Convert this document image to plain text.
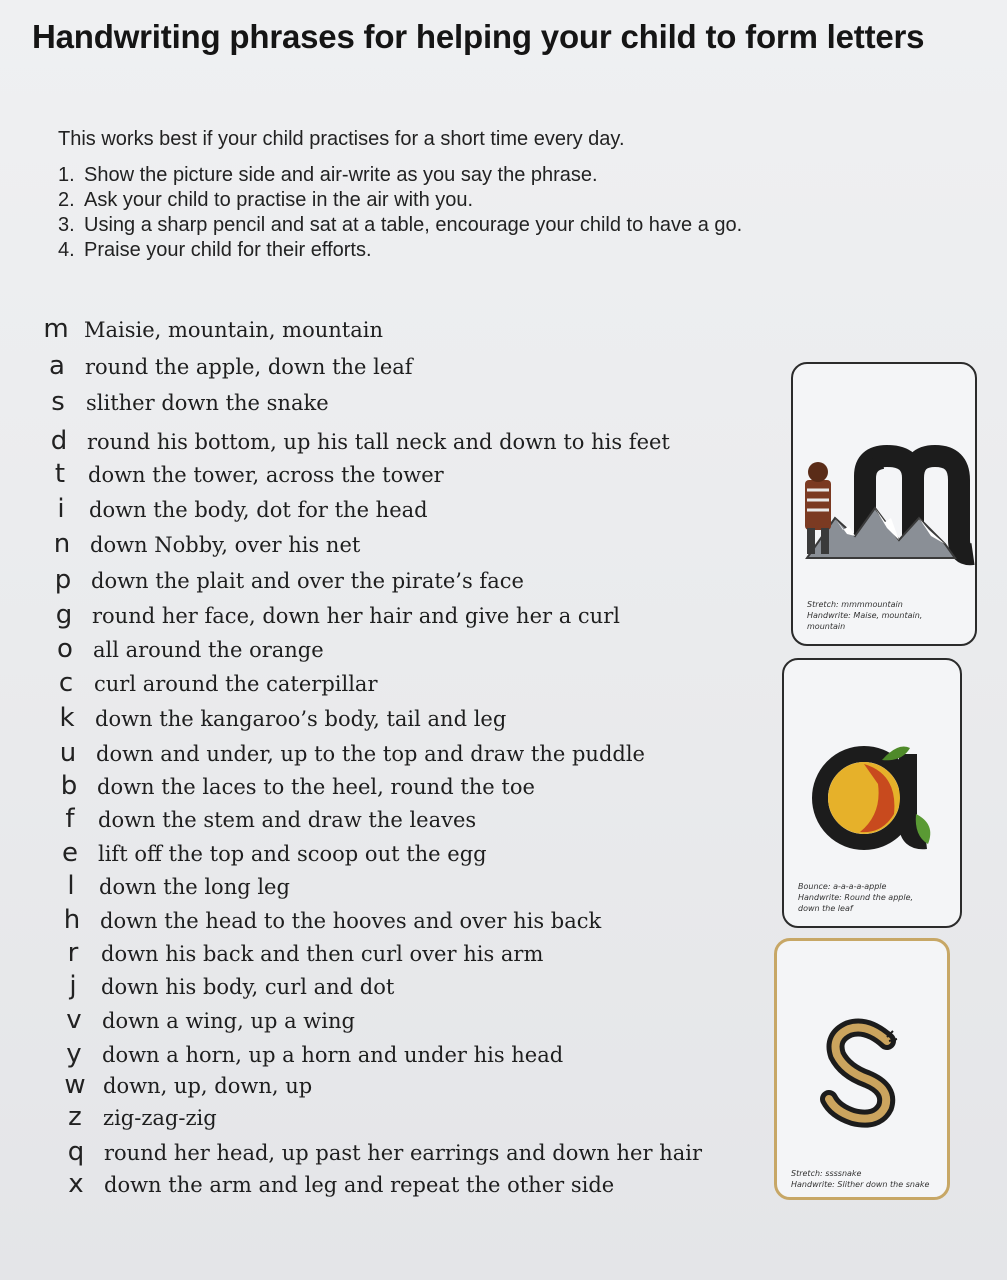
Handwriting phrases for helping your child to form letters
This works best if your child practises for a short time every day.
1. Show the picture side and air-write as you say the phrase.
2. Ask your child to practise in the air with you.
3. Using a sharp pencil and sat at a table, encourage your child to have a go.
4. Praise your child for their efforts.
m Maisie, mountain, mountain
a round the apple, down the leaf
s slither down the snake
d round his bottom, up his tall neck and down to his feet
t down the tower, across the tower
i down the body, dot for the head
n down Nobby, over his net
p down the plait and over the pirate’s face
g round her face, down her hair and give her a curl
o all around the orange
c curl around the caterpillar
k down the kangaroo’s body, tail and leg
u down and under, up to the top and draw the puddle
b down the laces to the heel, round the toe
f down the stem and draw the leaves
e lift off the top and scoop out the egg
l down the long leg
h down the head to the hooves and over his back
r down his back and then curl over his arm
j down his body, curl and dot
v down a wing, up a wing
y down a horn, up a horn and under his head
w down, up, down, up
z zig-zag-zig
q round her head, up past her earrings and down her hair
x down the arm and leg and repeat the other side
Stretch: mmmmountain
Handwrite: Maise, mountain,
mountain
Bounce: a-a-a-a-apple
Handwrite: Round the apple,
down the leaf
Stretch: ssssnake
Handwrite: Slither down the snake
